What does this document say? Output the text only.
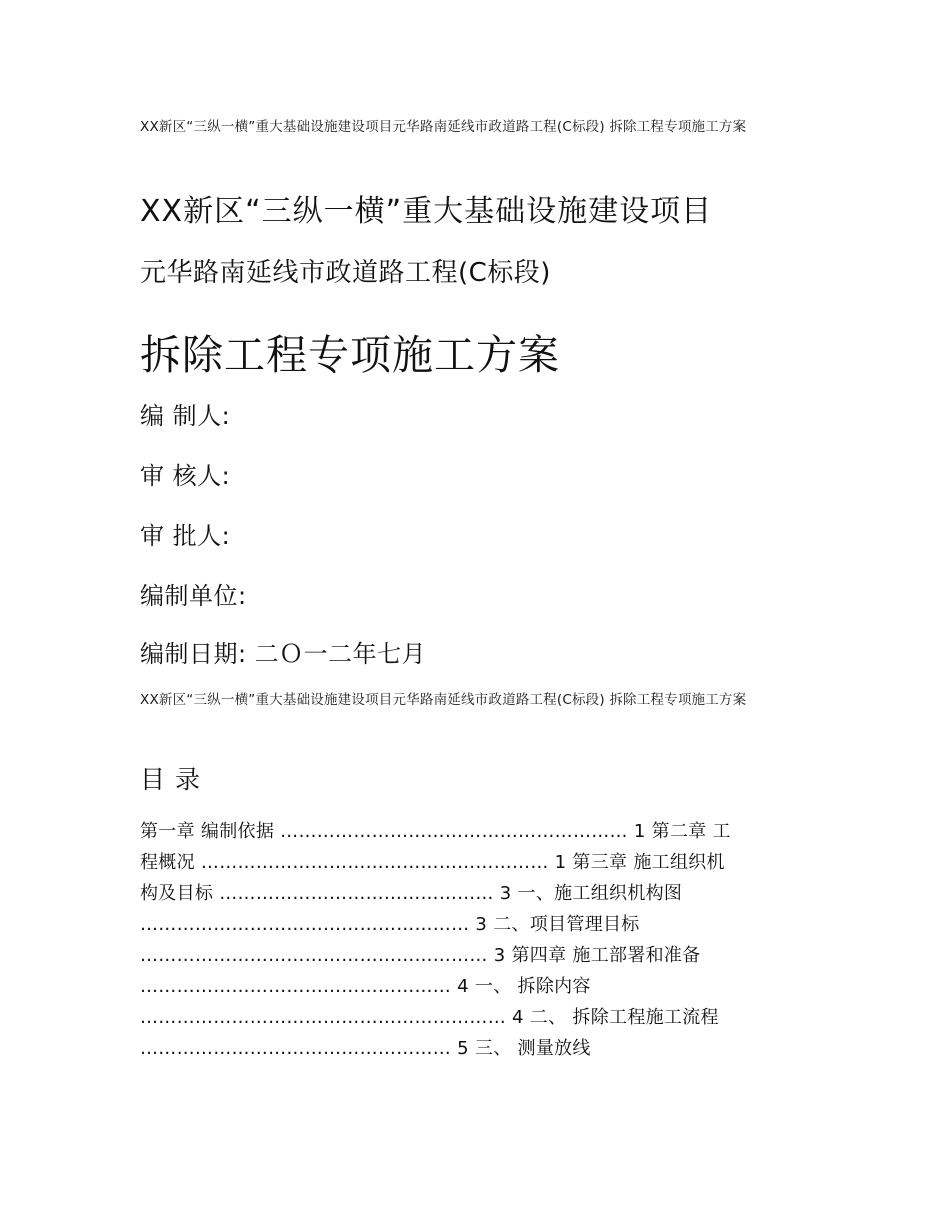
XX新区“三纵一横”重大基础设施建设项目元华路南延线市政道路工程(C标段) 拆除工程专项施工方案
XX新区“三纵一横”重大基础设施建设项目
元华路南延线市政道路工程(C标段)
拆除工程专项施工方案
编 制人:
审 核人:
审 批人:
编制单位:
编制日期: 二Ｏ一二年七月
XX新区“三纵一横”重大基础设施建设项目元华路南延线市政道路工程(C标段) 拆除工程专项施工方案
目 录
第一章 编制依据 ………………………………………………… 1 第二章 工
程概况 ………………………………………………… 1 第三章 施工组织机
构及目标 ……………………………………… 3 一、施工组织机构图
……………………………………………… 3 二、项目管理目标
………………………………………………… 3 第四章 施工部署和准备
…………………………………………… 4 一、 拆除内容
…………………………………………………… 4 二、 拆除工程施工流程
…………………………………………… 5 三、 测量放线
